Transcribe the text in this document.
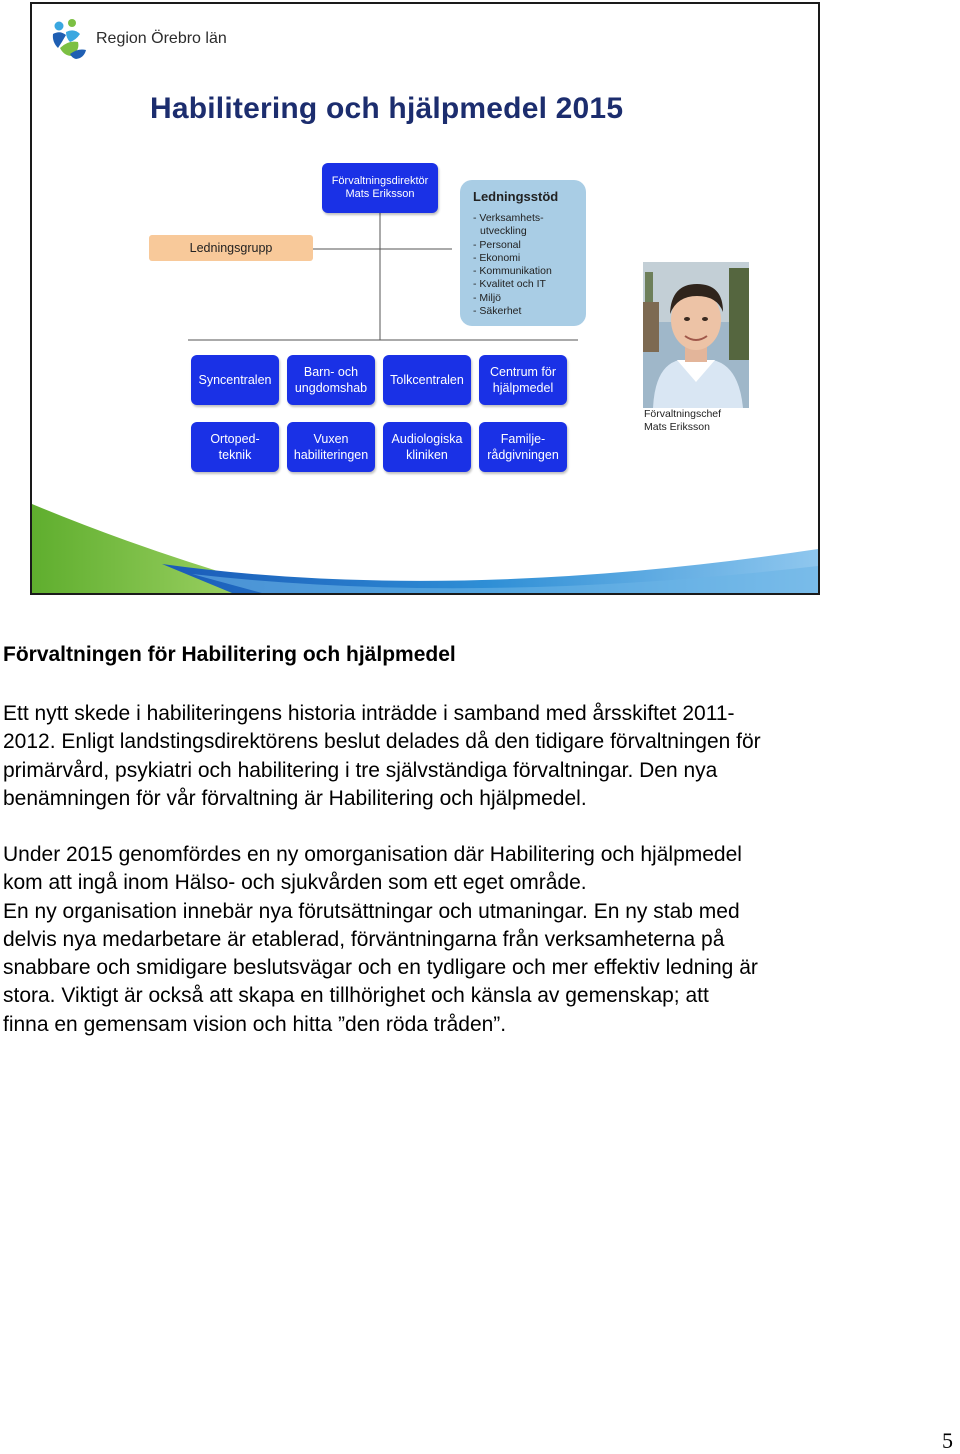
Region Örebro län
Habilitering och hjälpmedel 2015
Förvaltningsdirektör
Mats Eriksson
Ledningsgrupp
Ledningsstöd
- Verksamhets-
utveckling
- Personal
- Ekonomi
- Kommunikation
- Kvalitet och IT
- Miljö
- Säkerhet
Syncentralen
Barn- och
ungdomshab
Tolkcentralen
Centrum för
hjälpmedel
Ortoped-
teknik
Vuxen
habiliteringen
Audiologiska
kliniken
Familje-
rådgivningen
Förvaltningschef
Mats Eriksson
Förvaltningen för Habilitering och hjälpmedel
Ett nytt skede i habiliteringens historia inträdde i samband med årsskiftet 2011-
2012. Enligt landstingsdirektörens beslut delades då den tidigare förvaltningen för
primärvård, psykiatri och habilitering i tre självständiga förvaltningar. Den nya
benämningen för vår förvaltning är Habilitering och hjälpmedel.
Under 2015 genomfördes en ny omorganisation där Habilitering och hjälpmedel
kom att ingå inom Hälso- och sjukvården som ett eget område.
En ny organisation innebär nya förutsättningar och utmaningar. En ny stab med
delvis nya medarbetare är etablerad, förväntningarna från verksamheterna på
snabbare och smidigare beslutsvägar och en tydligare och mer effektiv ledning är
stora. Viktigt är också att skapa en tillhörighet och känsla av gemenskap; att
finna en gemensam vision och hitta ”den röda tråden”.
5
